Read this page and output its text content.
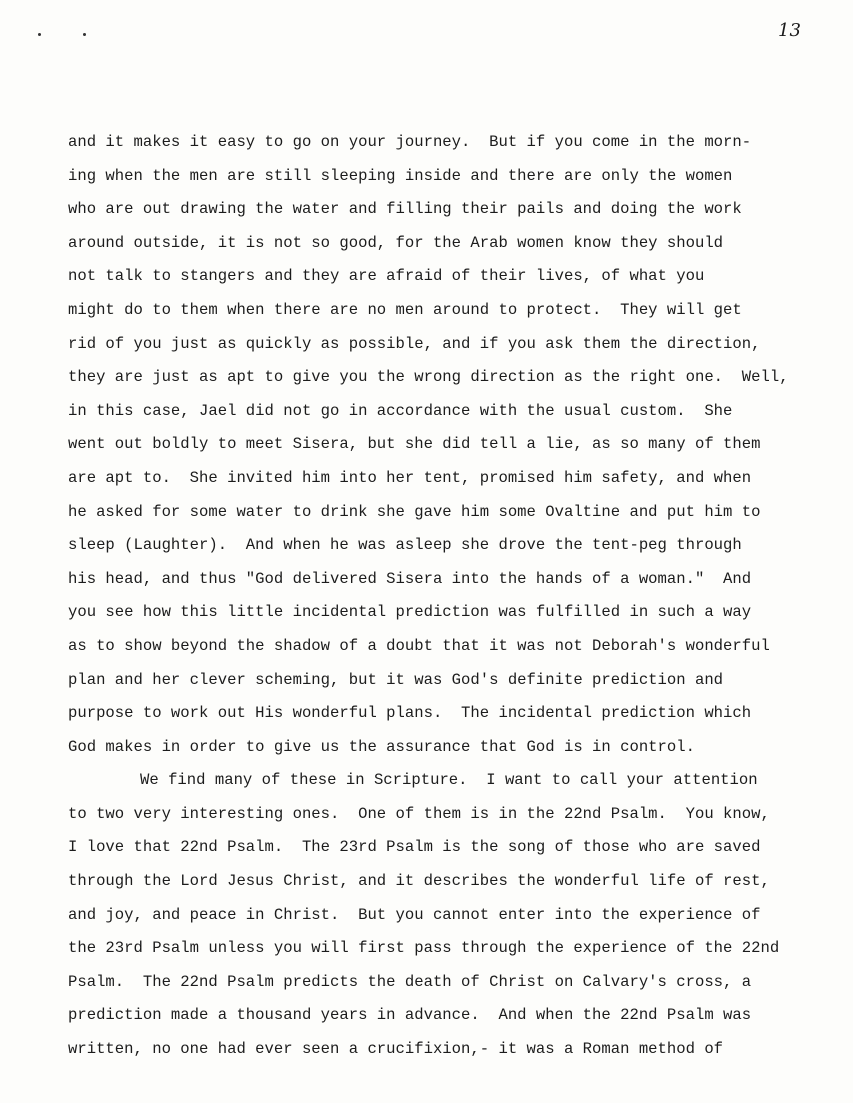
13
and it makes it easy to go on your journey.  But if you come in the morn-
ing when the men are still sleeping inside and there are only the women
who are out drawing the water and filling their pails and doing the work
around outside, it is not so good, for the Arab women know they should
not talk to stangers and they are afraid of their lives, of what you
might do to them when there are no men around to protect.  They will get
rid of you just as quickly as possible, and if you ask them the direction,
they are just as apt to give you the wrong direction as the right one.  Well,
in this case, Jael did not go in accordance with the usual custom.  She
went out boldly to meet Sisera, but she did tell a lie, as so many of them
are apt to.  She invited him into her tent, promised him safety, and when
he asked for some water to drink she gave him some Ovaltine and put him to
sleep (Laughter).  And when he was asleep she drove the tent-peg through
his head, and thus "God delivered Sisera into the hands of a woman."  And
you see how this little incidental prediction was fulfilled in such a way
as to show beyond the shadow of a doubt that it was not Deborah's wonderful
plan and her clever scheming, but it was God's definite prediction and
purpose to work out His wonderful plans.  The incidental prediction which
God makes in order to give us the assurance that God is in control.
We find many of these in Scripture.  I want to call your attention
to two very interesting ones.  One of them is in the 22nd Psalm.  You know,
I love that 22nd Psalm.  The 23rd Psalm is the song of those who are saved
through the Lord Jesus Christ, and it describes the wonderful life of rest,
and joy, and peace in Christ.  But you cannot enter into the experience of
the 23rd Psalm unless you will first pass through the experience of the 22nd
Psalm.  The 22nd Psalm predicts the death of Christ on Calvary's cross, a
prediction made a thousand years in advance.  And when the 22nd Psalm was
written, no one had ever seen a crucifixion,- it was a Roman method of
